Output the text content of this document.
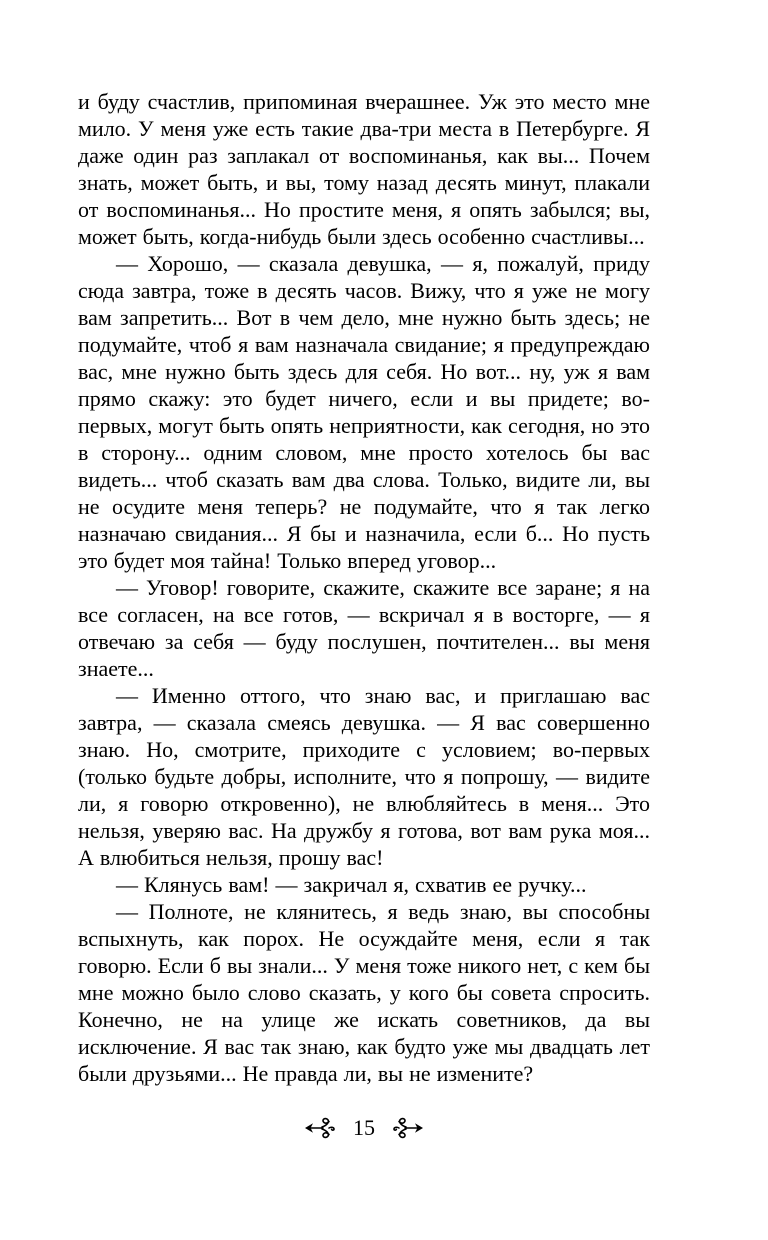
и буду счастлив, припоминая вчерашнее. Уж это место мне мило. У меня уже есть такие два-три места в Петербурге. Я даже один раз заплакал от воспоминанья, как вы... Почем знать, может быть, и вы, тому назад десять минут, плакали от воспоминанья... Но простите меня, я опять забылся; вы, может быть, когда-нибудь были здесь особенно счастливы...

— Хорошо, — сказала девушка, — я, пожалуй, приду сюда завтра, тоже в десять часов. Вижу, что я уже не могу вам запретить... Вот в чем дело, мне нужно быть здесь; не подумайте, чтоб я вам назначала свидание; я предупреждаю вас, мне нужно быть здесь для себя. Но вот... ну, уж я вам прямо скажу: это будет ничего, если и вы придете; во-первых, могут быть опять неприятности, как сегодня, но это в сторону... одним словом, мне просто хотелось бы вас видеть... чтоб сказать вам два слова. Только, видите ли, вы не осудите меня теперь? не подумайте, что я так легко назначаю свидания... Я бы и назначила, если б... Но пусть это будет моя тайна! Только вперед уговор...

— Уговор! говорите, скажите, скажите все заране; я на все согласен, на все готов, — вскричал я в восторге, — я отвечаю за себя — буду послушен, почтителен... вы меня знаете...

— Именно оттого, что знаю вас, и приглашаю вас завтра, — сказала смеясь девушка. — Я вас совершенно знаю. Но, смотрите, приходите с условием; во-первых (только будьте добры, исполните, что я попрошу, — видите ли, я говорю откровенно), не влюбляйтесь в меня... Это нельзя, уверяю вас. На дружбу я готова, вот вам рука моя... А влюбиться нельзя, прошу вас!

— Клянусь вам! — закричал я, схватив ее ручку...

— Полноте, не клянитесь, я ведь знаю, вы способны вспыхнуть, как порох. Не осуждайте меня, если я так говорю. Если б вы знали... У меня тоже никого нет, с кем бы мне можно было слово сказать, у кого бы совета спросить. Конечно, не на улице же искать советников, да вы исключение. Я вас так знаю, как будто уже мы двадцать лет были друзьями... Не правда ли, вы не измените?

15
